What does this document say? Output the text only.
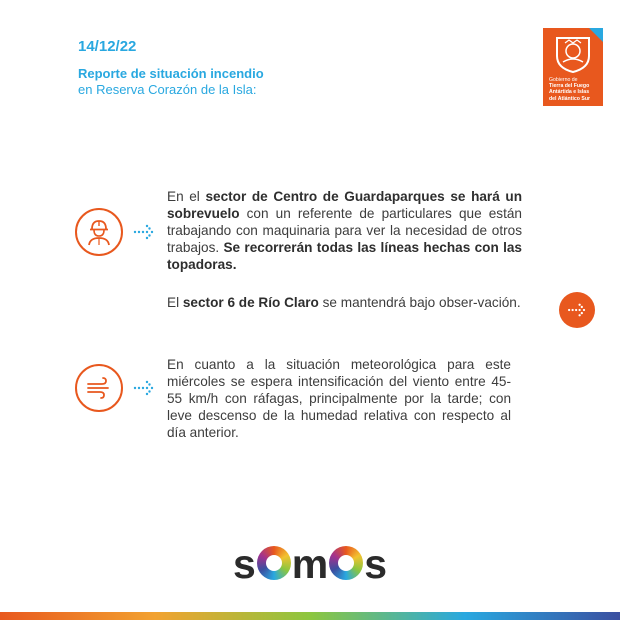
14/12/22
Reporte de situación incendio
en Reserva Corazón de la Isla:
Gobierno de
Tierra del Fuego
Antártida e Islas
del Atlántico Sur

En el sector de Centro de Guardaparques se hará un sobrevuelo con un referente de particulares que están trabajando con maquinaria para ver la necesidad de otros trabajos. Se recorrerán todas las líneas hechas con las topadoras.

El sector 6 de Río Claro se mantendrá bajo obser-vación.

En cuanto a la situación meteorológica para este miércoles se espera intensificación del viento entre 45-55 km/h con ráfagas, principalmente por la tarde; con leve descenso de la humedad relativa con respecto al día anterior.

s m s
